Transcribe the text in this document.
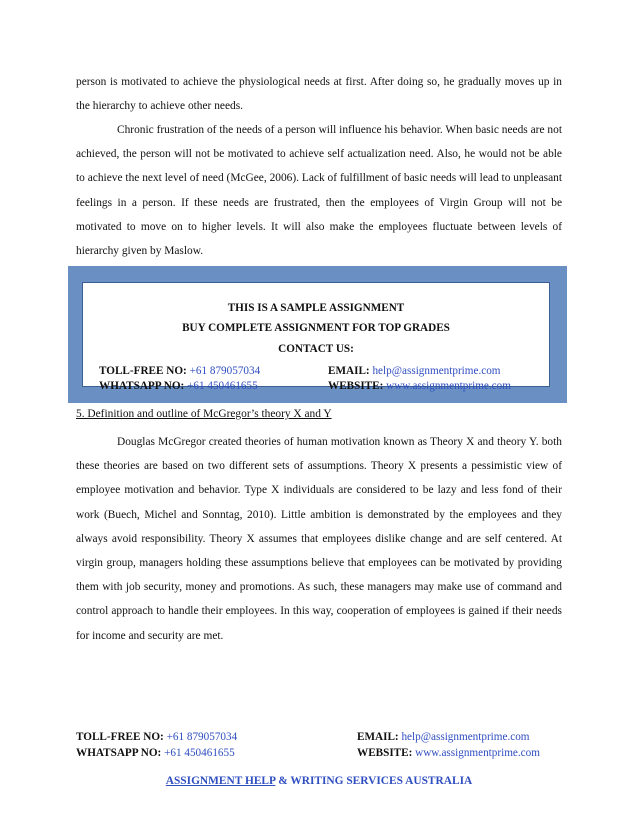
person is motivated to achieve the physiological needs at first. After doing so, he gradually moves up in the hierarchy to achieve other needs.

Chronic frustration of the needs of a person will influence his behavior. When basic needs are not achieved, the person will not be motivated to achieve self actualization need. Also, he would not be able to achieve the next level of need (McGee, 2006). Lack of fulfillment of basic needs will lead to unpleasant feelings in a person. If these needs are frustrated, then the employees of Virgin Group will not be motivated to move on to higher levels. It will also make the employees fluctuate between levels of hierarchy given by Maslow.

THIS IS A SAMPLE ASSIGNMENT
BUY COMPLETE ASSIGNMENT FOR TOP GRADES
CONTACT US:
TOLL-FREE NO: +61 879057034
WHATSAPP NO: +61 450461655
EMAIL: help@assignmentprime.com
WEBSITE: www.assignmentprime.com

5. Definition and outline of McGregor’s theory X and Y

Douglas McGregor created theories of human motivation known as Theory X and theory Y. both these theories are based on two different sets of assumptions. Theory X presents a pessimistic view of employee motivation and behavior. Type X individuals are considered to be lazy and less fond of their work (Buech, Michel and Sonntag, 2010). Little ambition is demonstrated by the employees and they always avoid responsibility. Theory X assumes that employees dislike change and are self centered. At virgin group, managers holding these assumptions believe that employees can be motivated by providing them with job security, money and promotions. As such, these managers may make use of command and control approach to handle their employees. In this way, cooperation of employees is gained if their needs for income and security are met.

TOLL-FREE NO: +61 879057034
WHATSAPP NO: +61 450461655
EMAIL: help@assignmentprime.com
WEBSITE: www.assignmentprime.com
ASSIGNMENT HELP & WRITING SERVICES AUSTRALIA
